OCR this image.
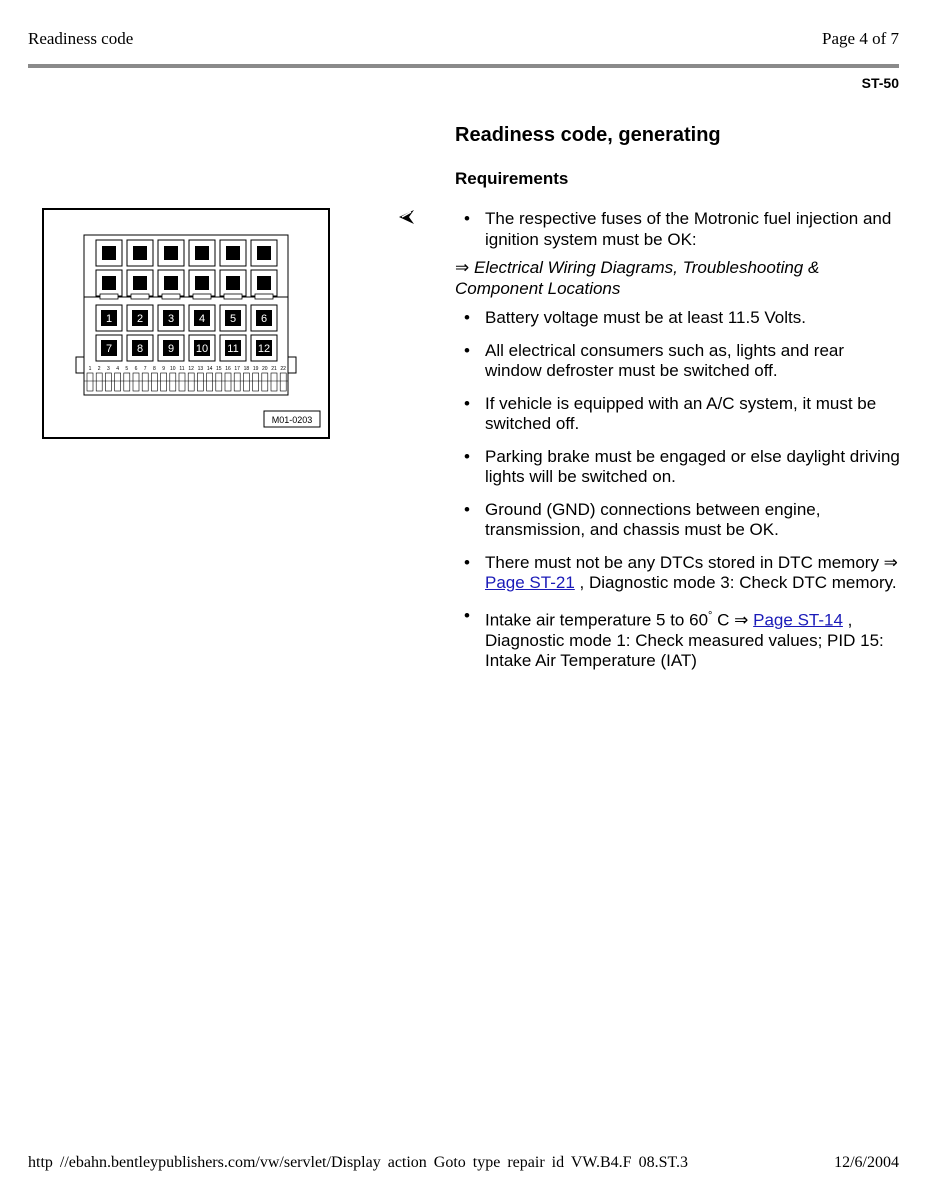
Readiness code	Page 4 of 7
ST-50
1 2 3 4 5 6
7 8 9 10 11 12
1 2 3 4 5 6 7 8 9 10 11 12 13 14 15 16 17 18 19 20 21 22
M01-0203
Readiness code, generating
Requirements
• The respective fuses of the Motronic fuel injection and ignition system must be OK:

⇒ Electrical Wiring Diagrams, Troubleshooting & Component Locations

• Battery voltage must be at least 11.5 Volts.
• All electrical consumers such as, lights and rear window defroster must be switched off.
• If vehicle is equipped with an A/C system, it must be switched off.
• Parking brake must be engaged or else daylight driving lights will be switched on.
• Ground (GND) connections between engine, transmission, and chassis must be OK.
• There must not be any DTCs stored in DTC memory ⇒ Page ST-21 , Diagnostic mode 3: Check DTC memory.
• Intake air temperature 5 to 60° C ⇒ Page ST-14 , Diagnostic mode 1: Check measured values; PID 15: Intake Air Temperature (IAT)
http //ebahn.bentleypublishers.com/vw/servlet/Display action Goto type repair id VW.B4.F 08.ST.3	12/6/2004
